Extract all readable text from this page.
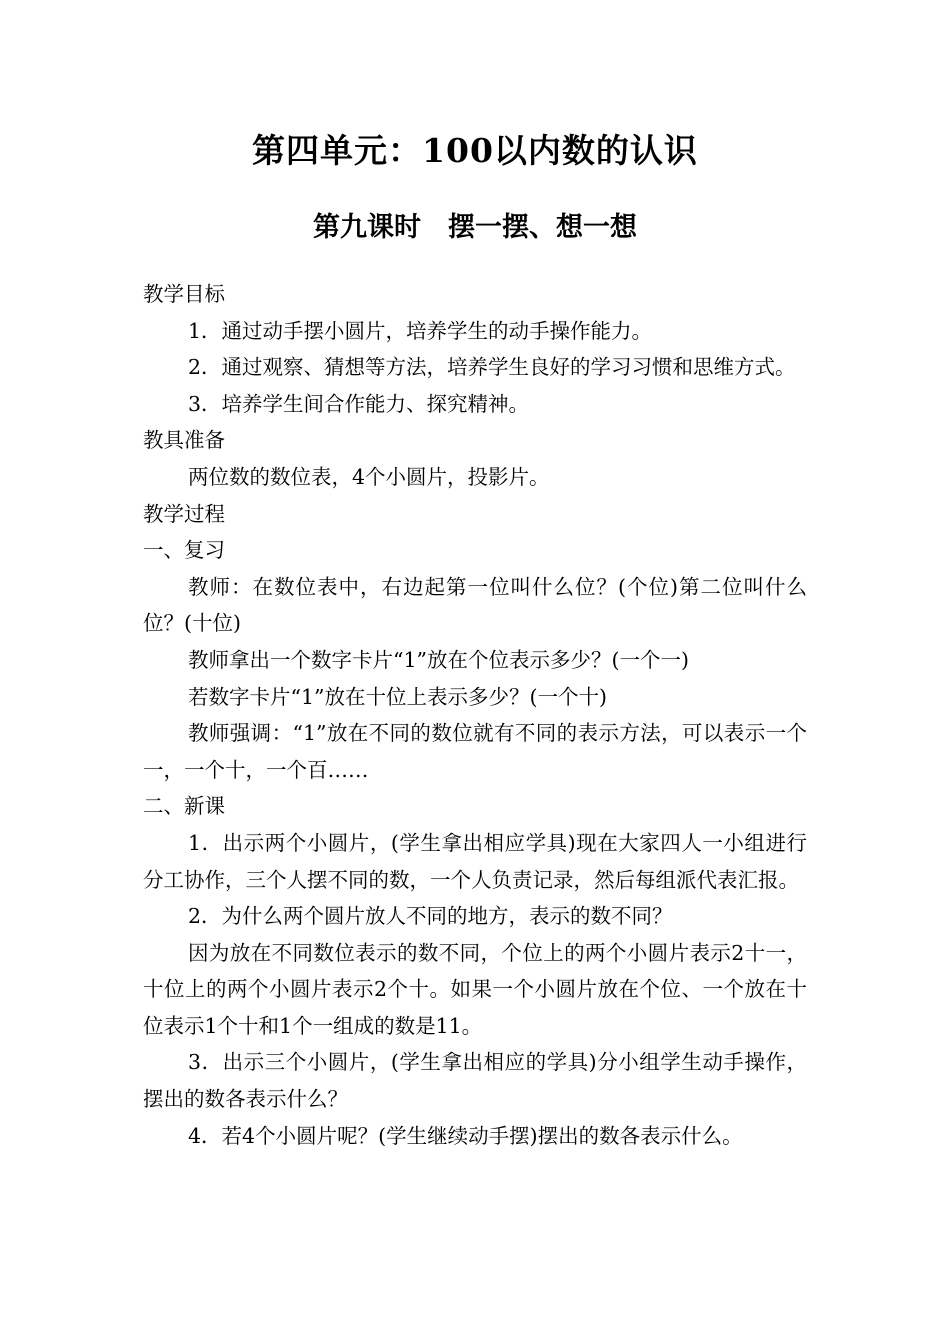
第四单元：100以内数的认识
第九课时　摆一摆、想一想

教学目标

1．通过动手摆小圆片，培养学生的动手操作能力。

2．通过观察、猜想等方法，培养学生良好的学习习惯和思维方式。

3．培养学生间合作能力、探究精神。

教具准备

两位数的数位表，4个小圆片，投影片。

教学过程

一、复习

教师：在数位表中，右边起第一位叫什么位？(个位)第二位叫什么位？(十位)

教师拿出一个数字卡片“1”放在个位表示多少？(一个一)

若数字卡片“1”放在十位上表示多少？(一个十)

教师强调：“1”放在不同的数位就有不同的表示方法，可以表示一个一，一个十，一个百……

二、新课

1．出示两个小圆片，(学生拿出相应学具)现在大家四人一小组进行分工协作，三个人摆不同的数，一个人负责记录，然后每组派代表汇报。

2．为什么两个圆片放人不同的地方，表示的数不同？

因为放在不同数位表示的数不同，个位上的两个小圆片表示2十一，十位上的两个小圆片表示2个十。如果一个小圆片放在个位、一个放在十位表示1个十和1个一组成的数是11。

3．出示三个小圆片，(学生拿出相应的学具)分小组学生动手操作，摆出的数各表示什么？

4．若4个小圆片呢？(学生继续动手摆)摆出的数各表示什么。
